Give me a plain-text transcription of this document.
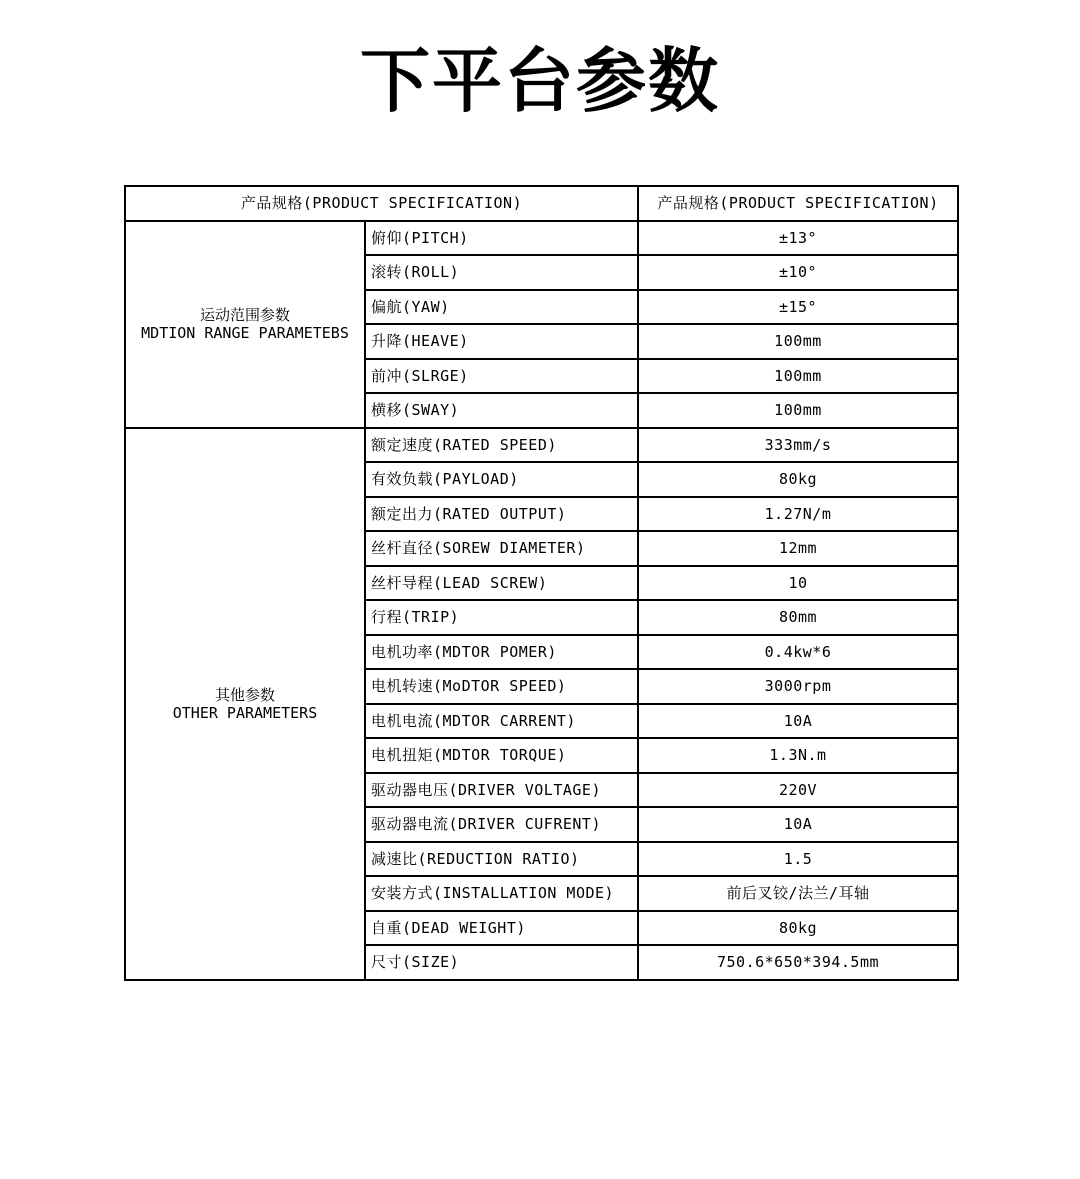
下平台参数
产品规格(PRODUCT SPECIFICATION)		产品规格(PRODUCT SPECIFICATION)

运动范围参数
MDTION RANGE PARAMETEBS	俯仰(PITCH)	±13°
	滚转(ROLL)	±10°
	偏航(YAW)	±15°
	升降(HEAVE)	100mm
	前冲(SLRGE)	100mm
	横移(SWAY)	100mm

其他参数
OTHER PARAMETERS	额定速度(RATED SPEED)	333mm/s
	有效负载(PAYLOAD)	80kg
	额定出力(RATED OUTPUT)	1.27N/m
	丝杆直径(SOREW DIAMETER)	12mm
	丝杆导程(LEAD SCREW)	10
	行程(TRIP)	80mm
	电机功率(MDTOR POMER)	0.4kw*6
	电机转速(MoDTOR SPEED)	3000rpm
	电机电流(MDTOR CARRENT)	10A
	电机扭矩(MDTOR TORQUE)	1.3N.m
	驱动器电压(DRIVER VOLTAGE)	220V
	驱动器电流(DRIVER CUFRENT)	10A
	减速比(REDUCTION RATIO)	1.5
	安装方式(INSTALLATION MODE)	前后叉铰/法兰/耳轴
	自重(DEAD WEIGHT)	80kg
	尺寸(SIZE)	750.6*650*394.5mm
